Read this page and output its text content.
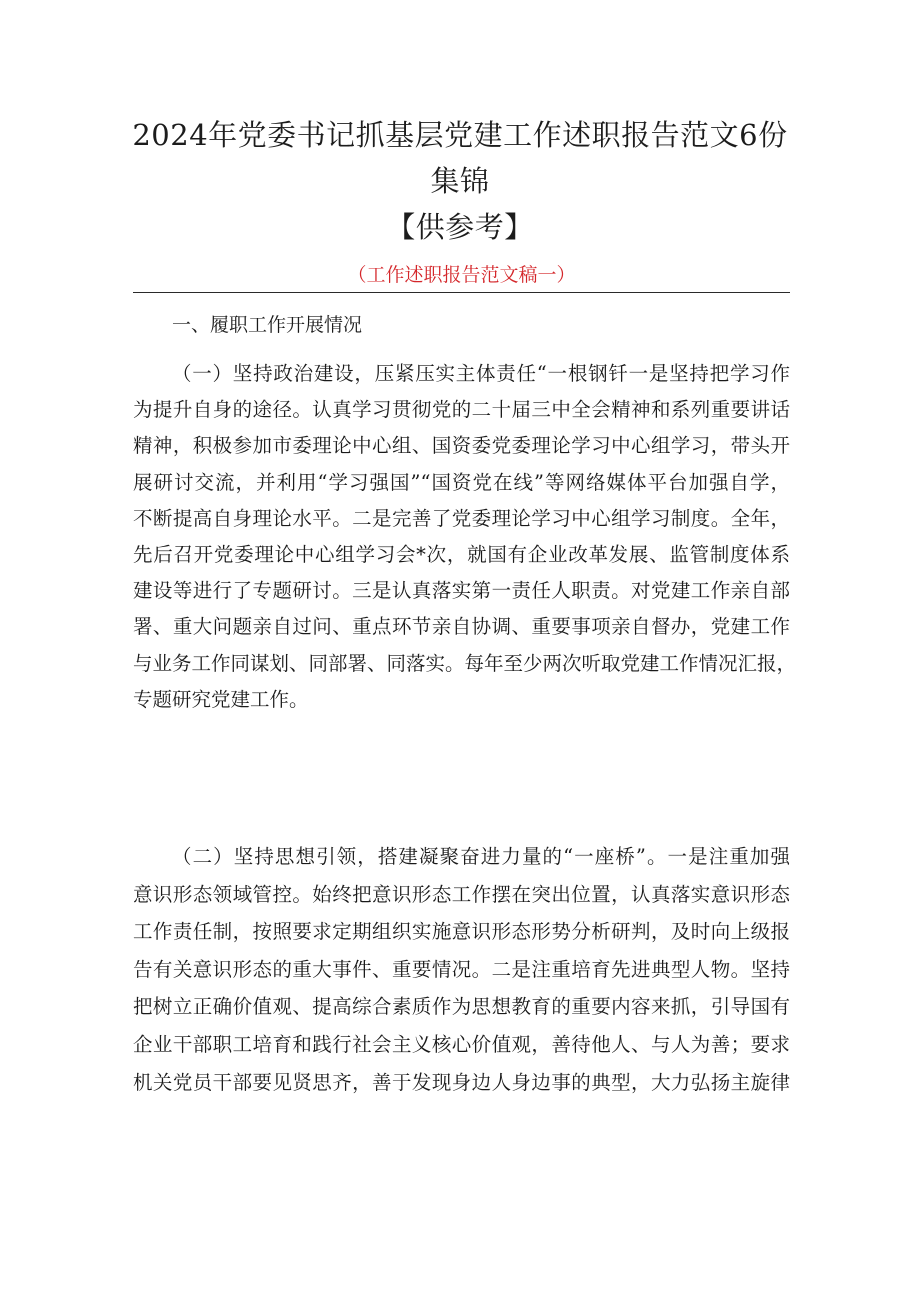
2024年党委书记抓基层党建工作述职报告范文6份集锦
【供参考】
（工作述职报告范文稿一）
一、履职工作开展情况
（一）坚持政治建设，压紧压实主体责任“一根钢钎一是坚持把学习作
为提升自身的途径。认真学习贯彻党的二十届三中全会精神和系列重要讲话
精神，积极参加市委理论中心组、国资委党委理论学习中心组学习，带头开
展研讨交流，并利用“学习强国”“国资党在线”等网络媒体平台加强自学，
不断提高自身理论水平。二是完善了党委理论学习中心组学习制度。全年，
先后召开党委理论中心组学习会*次，就国有企业改革发展、监管制度体系
建设等进行了专题研讨。三是认真落实第一责任人职责。对党建工作亲自部
署、重大问题亲自过问、重点环节亲自协调、重要事项亲自督办，党建工作
与业务工作同谋划、同部署、同落实。每年至少两次听取党建工作情况汇报，
专题研究党建工作。
（二）坚持思想引领，搭建凝聚奋进力量的“一座桥”。一是注重加强
意识形态领域管控。始终把意识形态工作摆在突出位置，认真落实意识形态
工作责任制，按照要求定期组织实施意识形态形势分析研判，及时向上级报
告有关意识形态的重大事件、重要情况。二是注重培育先进典型人物。坚持
把树立正确价值观、提高综合素质作为思想教育的重要内容来抓，引导国有
企业干部职工培育和践行社会主义核心价值观，善待他人、与人为善；要求
机关党员干部要见贤思齐，善于发现身边人身边事的典型，大力弘扬主旋律
